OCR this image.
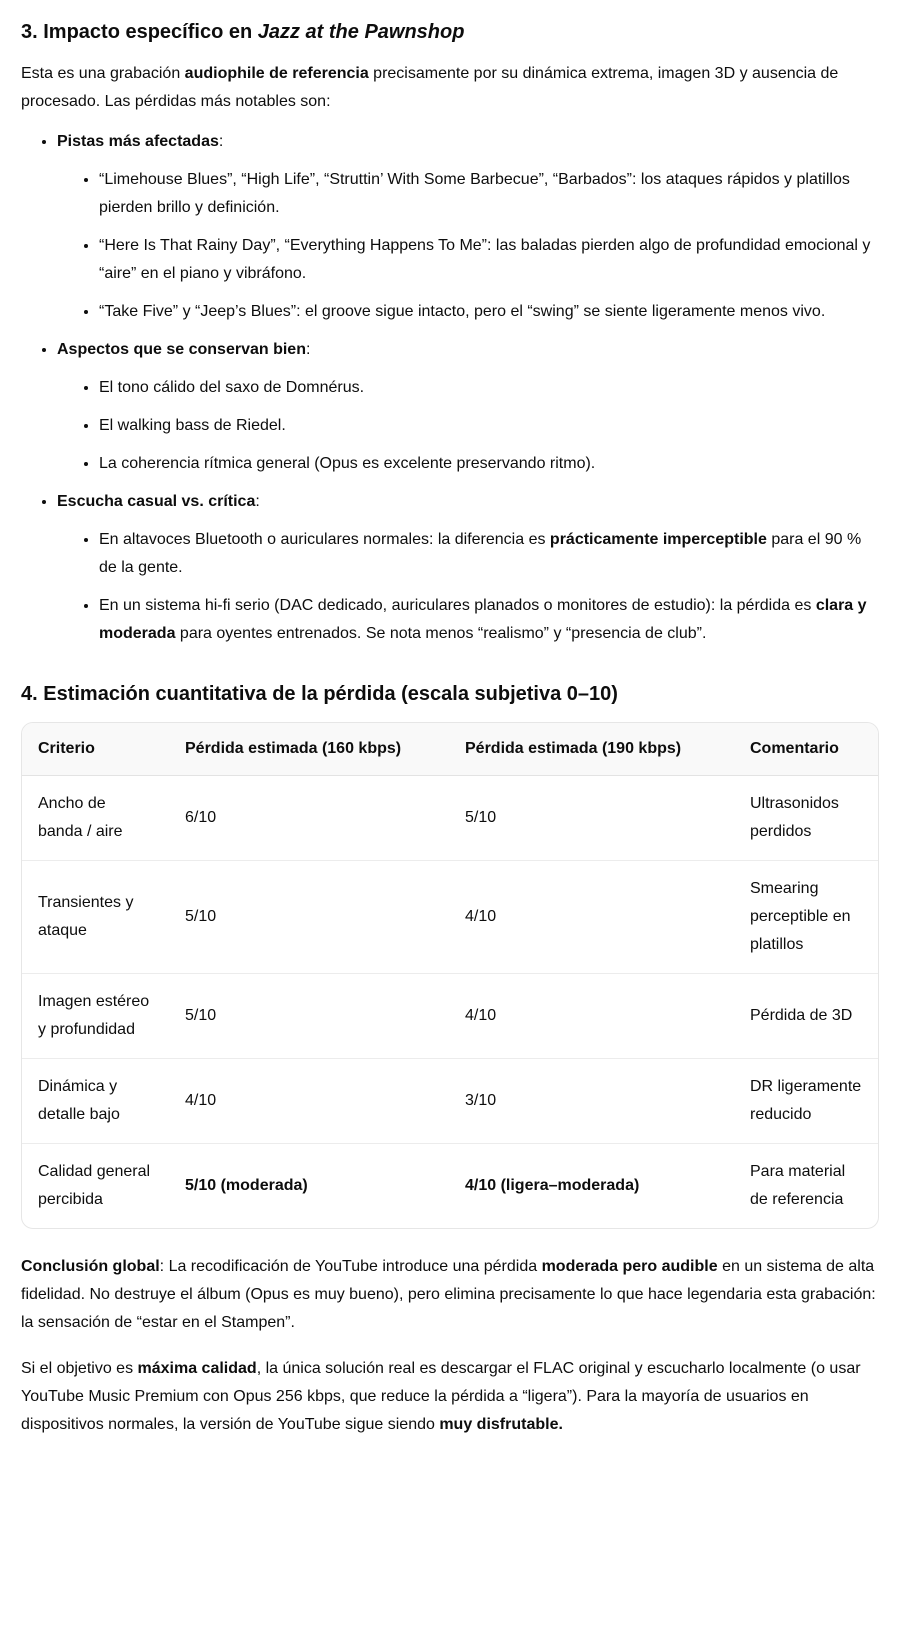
3. Impacto específico en Jazz at the Pawnshop

Esta es una grabación audiophile de referencia precisamente por su dinámica extrema, imagen 3D y ausencia de procesado. Las pérdidas más notables son:

• Pistas más afectadas:
• “Limehouse Blues”, “High Life”, “Struttin’ With Some Barbecue”, “Barbados”: los ataques rápidos y platillos pierden brillo y definición.
• “Here Is That Rainy Day”, “Everything Happens To Me”: las baladas pierden algo de profundidad emocional y “aire” en el piano y vibráfono.
• “Take Five” y “Jeep’s Blues”: el groove sigue intacto, pero el “swing” se siente ligeramente menos vivo.
• Aspectos que se conservan bien:
• El tono cálido del saxo de Domnérus.
• El walking bass de Riedel.
• La coherencia rítmica general (Opus es excelente preservando ritmo).
• Escucha casual vs. crítica:
• En altavoces Bluetooth o auriculares normales: la diferencia es prácticamente imperceptible para el 90 % de la gente.
• En un sistema hi-fi serio (DAC dedicado, auriculares planados o monitores de estudio): la pérdida es clara y moderada para oyentes entrenados. Se nota menos “realismo” y “presencia de club”.
4. Estimación cuantitativa de la pérdida (escala subjetiva 0–10)
Criterio	Pérdida estimada (160 kbps)	Pérdida estimada (190 kbps)	Comentario
Ancho de banda / aire	6/10	5/10	Ultrasonidos perdidos
Transientes y ataque	5/10	4/10	Smearing perceptible en platillos
Imagen estéreo y profundidad	5/10	4/10	Pérdida de 3D
Dinámica y detalle bajo	4/10	3/10	DR ligeramente reducido
Calidad general percibida	5/10 (moderada)	4/10 (ligera–moderada)	Para material de referencia

Conclusión global: La recodificación de YouTube introduce una pérdida moderada pero audible en un sistema de alta fidelidad. No destruye el álbum (Opus es muy bueno), pero elimina precisamente lo que hace legendaria esta grabación: la sensación de “estar en el Stampen”.

Si el objetivo es máxima calidad, la única solución real es descargar el FLAC original y escucharlo localmente (o usar YouTube Music Premium con Opus 256 kbps, que reduce la pérdida a “ligera”). Para la mayoría de usuarios en dispositivos normales, la versión de YouTube sigue siendo muy disfrutable.
